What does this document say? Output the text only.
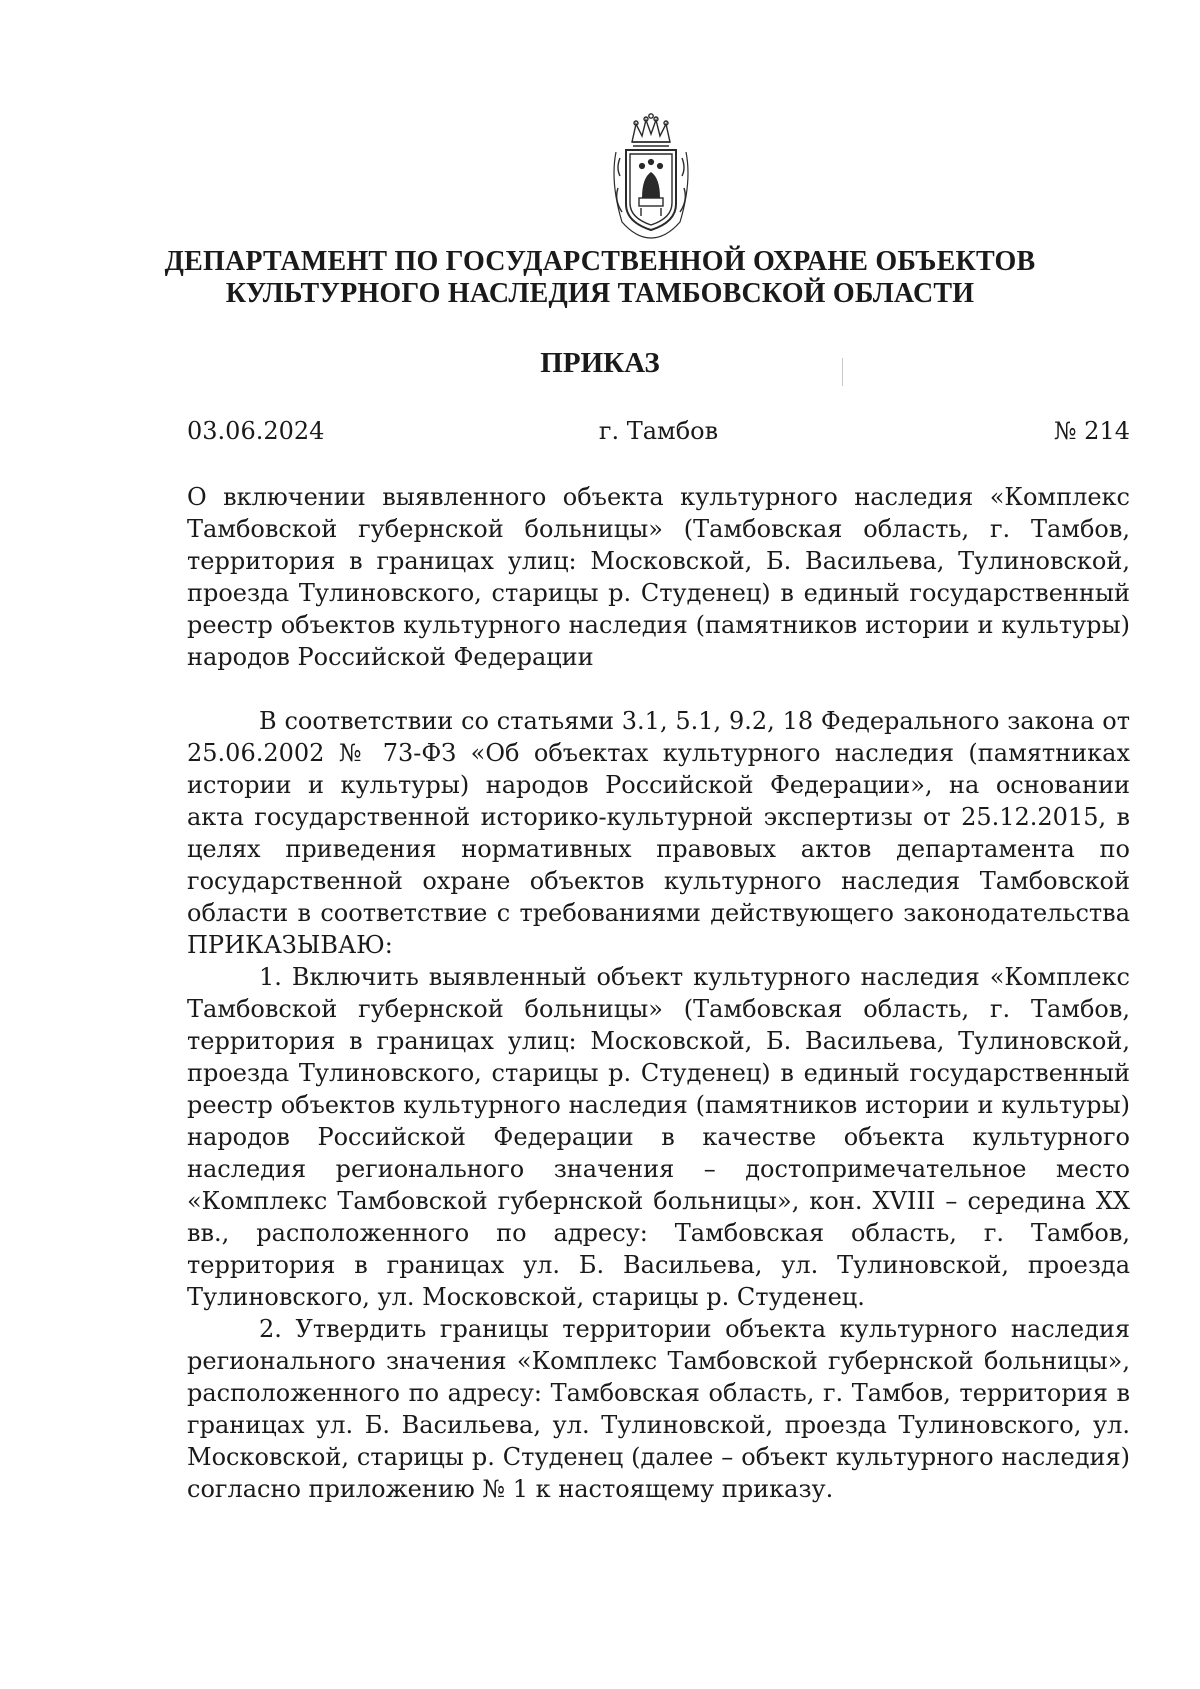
ДЕПАРТАМЕНТ ПО ГОСУДАРСТВЕННОЙ ОХРАНЕ ОБЪЕКТОВ
КУЛЬТУРНОГО НАСЛЕДИЯ ТАМБОВСКОЙ ОБЛАСТИ
ПРИКАЗ
г. Тамбов
03.06.2024	№ 214
О включении выявленного объекта культурного наследия «Комплекс Тамбовской губернской больницы» (Тамбовская область, г. Тамбов, территория в границах улиц: Московской, Б. Васильева, Тулиновской, проезда Тулиновского, старицы р. Студенец) в единый государственный реестр объектов культурного наследия (памятников истории и культуры) народов Российской Федерации

В соответствии со статьями 3.1, 5.1, 9.2, 18 Федерального закона от 25.06.2002 № 73-ФЗ «Об объектах культурного наследия (памятниках истории и культуры) народов Российской Федерации», на основании акта государственной историко-культурной экспертизы от 25.12.2015, в целях приведения нормативных правовых актов департамента по государственной охране объектов культурного наследия Тамбовской области в соответствие с требованиями действующего законодательства ПРИКАЗЫВАЮ:

1. Включить выявленный объект культурного наследия «Комплекс Тамбовской губернской больницы» (Тамбовская область, г. Тамбов, территория в границах улиц: Московской, Б. Васильева, Тулиновской, проезда Тулиновского, старицы р. Студенец) в единый государственный реестр объектов культурного наследия (памятников истории и культуры) народов Российской Федерации в качестве объекта культурного наследия регионального значения – достопримечательное место «Комплекс Тамбовской губернской больницы», кон. XVIII – середина XX вв., расположенного по адресу: Тамбовская область, г. Тамбов, территория в границах ул. Б. Васильева, ул. Тулиновской, проезда Тулиновского, ул. Московской, старицы р. Студенец.

2. Утвердить границы территории объекта культурного наследия регионального значения «Комплекс Тамбовской губернской больницы», расположенного по адресу: Тамбовская область, г. Тамбов, территория в границах ул. Б. Васильева, ул. Тулиновской, проезда Тулиновского, ул. Московской, старицы р. Студенец (далее – объект культурного наследия) согласно приложению № 1 к настоящему приказу.
